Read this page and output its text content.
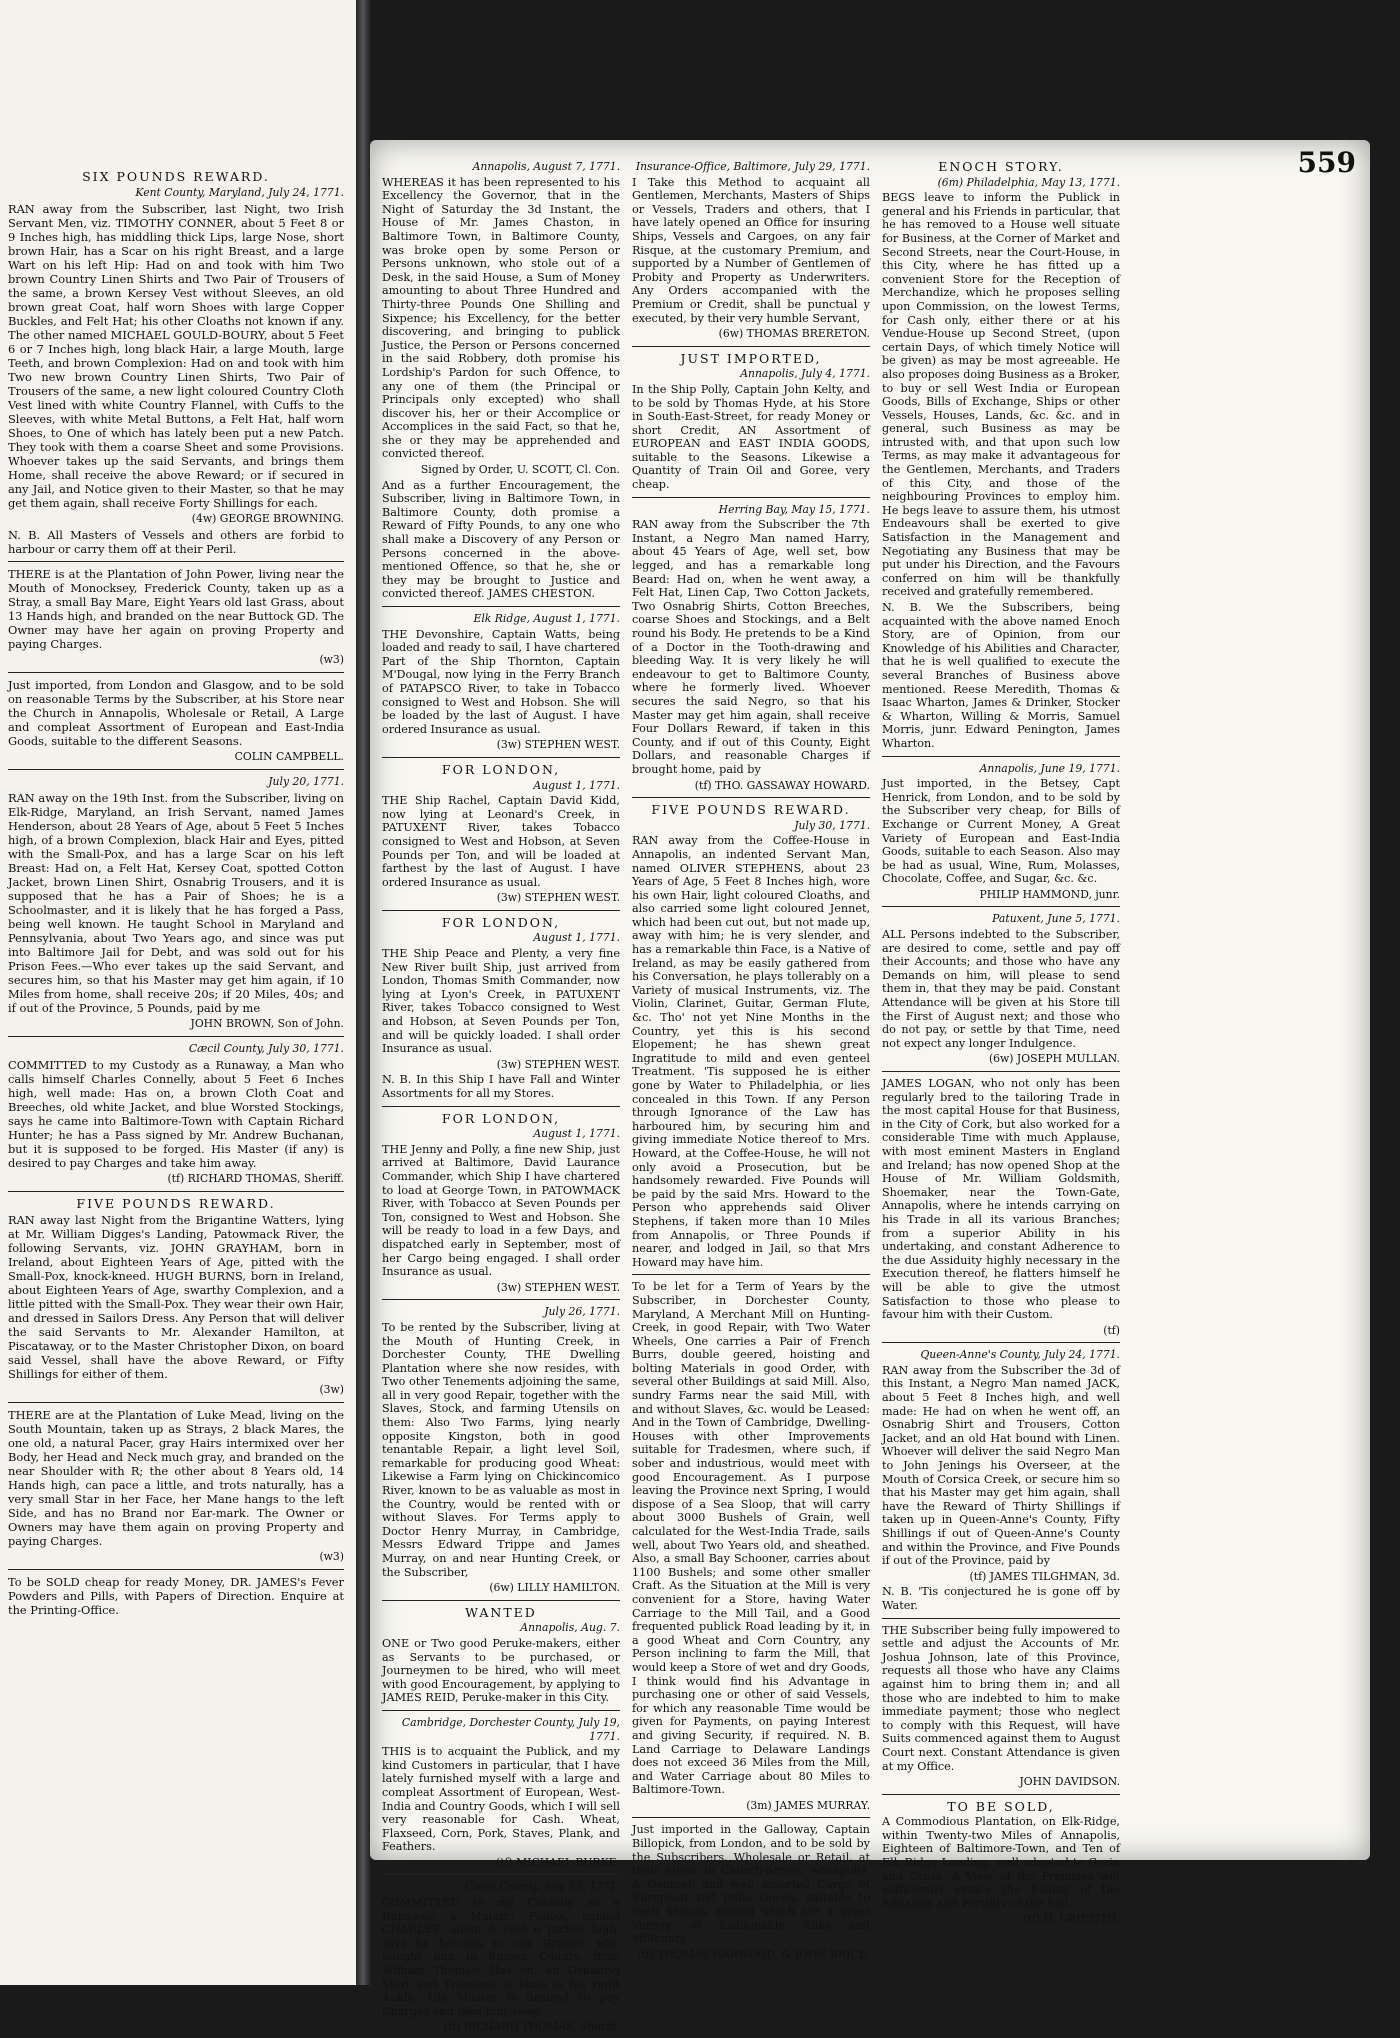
SIX POUNDS REWARD.

Kent County, Maryland, July 24, 1771.

RAN away from the Subscriber, last Night, two Irish Servant Men, viz. TIMOTHY CONNER, about 5 Feet 8 or 9 Inches high, has middling thick Lips, large Nose, short brown Hair, has a Scar on his right Breast, and a large Wart on his left Hip: Had on and took with him Two brown Country Linen Shirts and Two Pair of Trousers of the same, a brown Kersey Vest without Sleeves, an old brown great Coat, half worn Shoes with large Copper Buckles, and Felt Hat; his other Cloaths not known if any. The other named MICHAEL GOULD-BOURY, about 5 Feet 6 or 7 Inches high, long black Hair, a large Mouth, large Teeth, and brown Complexion: Had on and took with him Two new brown Country Linen Shirts, Two Pair of Trousers of the same, a new light coloured Country Cloth Vest lined with white Country Flannel, with Cuffs to the Sleeves, with white Metal Buttons, a Felt Hat, half worn Shoes, to One of which has lately been put a new Patch. They took with them a coarse Sheet and some Provisions. Whoever takes up the said Servants, and brings them Home, shall receive the above Reward; or if secured in any Jail, and Notice given to their Master, so that he may get them again, shall receive Forty Shillings for each.

(4w) GEORGE BROWNING.

N. B. All Masters of Vessels and others are forbid to harbour or carry them off at their Peril.

THERE is at the Plantation of John Power, living near the Mouth of Monocksey, Frederick County, taken up as a Stray, a small Bay Mare, Eight Years old last Grass, about 13 Hands high, and branded on the near Buttock GD. The Owner may have her again on proving Property and paying Charges.

(w3)

Just imported, from London and Glasgow, and to be sold on reasonable Terms by the Subscriber, at his Store near the Church in Annapolis, Wholesale or Retail, A Large and compleat Assortment of European and East-India Goods, suitable to the different Seasons.

COLIN CAMPBELL.

July 20, 1771.

RAN away on the 19th Inst. from the Subscriber, living on Elk-Ridge, Maryland, an Irish Servant, named James Henderson, about 28 Years of Age, about 5 Feet 5 Inches high, of a brown Complexion, black Hair and Eyes, pitted with the Small-Pox, and has a large Scar on his left Breast: Had on, a Felt Hat, Kersey Coat, spotted Cotton Jacket, brown Linen Shirt, Osnabrig Trousers, and it is supposed that he has a Pair of Shoes; he is a Schoolmaster, and it is likely that he has forged a Pass, being well known. He taught School in Maryland and Pennsylvania, about Two Years ago, and since was put into Baltimore Jail for Debt, and was sold out for his Prison Fees.—Who ever takes up the said Servant, and secures him, so that his Master may get him again, if 10 Miles from home, shall receive 20s; if 20 Miles, 40s; and if out of the Province, 5 Pounds, paid by me

JOHN BROWN, Son of John.

Cæcil County, July 30, 1771.

COMMITTED to my Custody as a Runaway, a Man who calls himself Charles Connelly, about 5 Feet 6 Inches high, well made: Has on, a brown Cloth Coat and Breeches, old white Jacket, and blue Worsted Stockings, says he came into Baltimore-Town with Captain Richard Hunter; he has a Pass signed by Mr. Andrew Buchanan, but it is supposed to be forged. His Master (if any) is desired to pay Charges and take him away.

(tf) RICHARD THOMAS, Sheriff.

FIVE POUNDS REWARD.

RAN away last Night from the Brigantine Watters, lying at Mr. William Digges's Landing, Patowmack River, the following Servants, viz. JOHN GRAYHAM, born in Ireland, about Eighteen Years of Age, pitted with the Small-Pox, knock-kneed. HUGH BURNS, born in Ireland, about Eighteen Years of Age, swarthy Complexion, and a little pitted with the Small-Pox. They wear their own Hair, and dressed in Sailors Dress. Any Person that will deliver the said Servants to Mr. Alexander Hamilton, at Piscataway, or to the Master Christopher Dixon, on board said Vessel, shall have the above Reward, or Fifty Shillings for either of them.

(3w)

THERE are at the Plantation of Luke Mead, living on the South Mountain, taken up as Strays, 2 black Mares, the one old, a natural Pacer, gray Hairs intermixed over her Body, her Head and Neck much gray, and branded on the near Shoulder with R; the other about 8 Years old, 14 Hands high, can pace a little, and trots naturally, has a very small Star in her Face, her Mane hangs to the left Side, and has no Brand nor Ear-mark. The Owner or Owners may have them again on proving Property and paying Charges.

(w3)

To be SOLD cheap for ready Money, DR. JAMES's Fever Powders and Pills, with Papers of Direction. Enquire at the Printing-Office.

559

Annapolis, August 7, 1771.

WHEREAS it has been represented to his Excellency the Governor, that in the Night of Saturday the 3d Instant, the House of Mr. James Chaston, in Baltimore Town, in Baltimore County, was broke open by some Person or Persons unknown, who stole out of a Desk, in the said House, a Sum of Money amounting to about Three Hundred and Thirty-three Pounds One Shilling and Sixpence; his Excellency, for the better discovering, and bringing to publick Justice, the Person or Persons concerned in the said Robbery, doth promise his Lordship's Pardon for such Offence, to any one of them (the Principal or Principals only excepted) who shall discover his, her or their Accomplice or Accomplices in the said Fact, so that he, she or they may be apprehended and convicted thereof.

Signed by Order, U. SCOTT, Cl. Con.

And as a further Encouragement, the Subscriber, living in Baltimore Town, in Baltimore County, doth promise a Reward of Fifty Pounds, to any one who shall make a Discovery of any Person or Persons concerned in the above-mentioned Offence, so that he, she or they may be brought to Justice and convicted thereof. JAMES CHESTON.

Elk Ridge, August 1, 1771.

THE Devonshire, Captain Watts, being loaded and ready to sail, I have chartered Part of the Ship Thornton, Captain M'Dougal, now lying in the Ferry Branch of PATAPSCO River, to take in Tobacco consigned to West and Hobson. She will be loaded by the last of August. I have ordered Insurance as usual.

(3w) STEPHEN WEST.

FOR LONDON,

August 1, 1771.

THE Ship Rachel, Captain David Kidd, now lying at Leonard's Creek, in PATUXENT River, takes Tobacco consigned to West and Hobson, at Seven Pounds per Ton, and will be loaded at farthest by the last of August. I have ordered Insurance as usual.

(3w) STEPHEN WEST.

FOR LONDON,

August 1, 1771.

THE Ship Peace and Plenty, a very fine New River built Ship, just arrived from London, Thomas Smith Commander, now lying at Lyon's Creek, in PATUXENT River, takes Tobacco consigned to West and Hobson, at Seven Pounds per Ton, and will be quickly loaded. I shall order Insurance as usual.

(3w) STEPHEN WEST.

N. B. In this Ship I have Fall and Winter Assortments for all my Stores.

FOR LONDON,

August 1, 1771.

THE Jenny and Polly, a fine new Ship, just arrived at Baltimore, David Laurance Commander, which Ship I have chartered to load at George Town, in PATOWMACK River, with Tobacco at Seven Pounds per Ton, consigned to West and Hobson. She will be ready to load in a few Days, and dispatched early in September, most of her Cargo being engaged. I shall order Insurance as usual.

(3w) STEPHEN WEST.

July 26, 1771.

To be rented by the Subscriber, living at the Mouth of Hunting Creek, in Dorchester County, THE Dwelling Plantation where she now resides, with Two other Tenements adjoining the same, all in very good Repair, together with the Slaves, Stock, and farming Utensils on them: Also Two Farms, lying nearly opposite Kingston, both in good tenantable Repair, a light level Soil, remarkable for producing good Wheat: Likewise a Farm lying on Chickincomico River, known to be as valuable as most in the Country, would be rented with or without Slaves. For Terms apply to Doctor Henry Murray, in Cambridge, Messrs Edward Trippe and James Murray, on and near Hunting Creek, or the Subscriber,

(6w) LILLY HAMILTON.

WANTED

Annapolis, Aug. 7.

ONE or Two good Peruke-makers, either as Servants to be purchased, or Journeymen to be hired, who will meet with good Encouragement, by applying to JAMES REID, Peruke-maker in this City.

Cambridge, Dorchester County, July 19, 1771.

THIS is to acquaint the Publick, and my kind Customers in particular, that I have lately furnished myself with a large and compleat Assortment of European, West-India and Country Goods, which I will sell very reasonable for Cash. Wheat, Flaxseed, Corn, Pork, Staves, Plank, and Feathers.

(tf) MICHAEL BURKE.

Cæcil County, July 25, 1771.

COMMITTED to my Custody as a Runaway, a Mulatto Fellow, named CHARLES, about 5 Feet 6 Inches high, says he belongs to one Grimes, who bought him in Sussex County, from William Thomas: Has on, an Osnabrig Shirt and Trousers, is lame in his right Ankle. His Master is desired to pay Charges and take him away.

(tf) RICHARD THOMAS, Sheriff.

Insurance-Office, Baltimore, July 29, 1771.

I Take this Method to acquaint all Gentlemen, Merchants, Masters of Ships or Vessels, Traders and others, that I have lately opened an Office for insuring Ships, Vessels and Cargoes, on any fair Risque, at the customary Premium, and supported by a Number of Gentlemen of Probity and Property as Underwriters. Any Orders accompanied with the Premium or Credit, shall be punctual y executed, by their very humble Servant,

(6w) THOMAS BRERETON.

JUST IMPORTED,

Annapolis, July 4, 1771.

In the Ship Polly, Captain John Kelty, and to be sold by Thomas Hyde, at his Store in South-East-Street, for ready Money or short Credit, AN Assortment of EUROPEAN and EAST INDIA GOODS, suitable to the Seasons. Likewise a Quantity of Train Oil and Goree, very cheap.

Herring Bay, May 15, 1771.

RAN away from the Subscriber the 7th Instant, a Negro Man named Harry, about 45 Years of Age, well set, bow legged, and has a remarkable long Beard: Had on, when he went away, a Felt Hat, Linen Cap, Two Cotton Jackets, Two Osnabrig Shirts, Cotton Breeches, coarse Shoes and Stockings, and a Belt round his Body. He pretends to be a Kind of a Doctor in the Tooth-drawing and bleeding Way. It is very likely he will endeavour to get to Baltimore County, where he formerly lived. Whoever secures the said Negro, so that his Master may get him again, shall receive Four Dollars Reward, if taken in this County, and if out of this County, Eight Dollars, and reasonable Charges if brought home, paid by

(tf) THO. GASSAWAY HOWARD.

FIVE POUNDS REWARD.

July 30, 1771.

RAN away from the Coffee-House in Annapolis, an indented Servant Man, named OLIVER STEPHENS, about 23 Years of Age, 5 Feet 8 Inches high, wore his own Hair, light coloured Cloaths, and also carried some light coloured Jennet, which had been cut out, but not made up, away with him; he is very slender, and has a remarkable thin Face, is a Native of Ireland, as may be easily gathered from his Conversation, he plays tollerably on a Variety of musical Instruments, viz. The Violin, Clarinet, Guitar, German Flute, &c. Tho' not yet Nine Months in the Country, yet this is his second Elopement; he has shewn great Ingratitude to mild and even genteel Treatment. 'Tis supposed he is either gone by Water to Philadelphia, or lies concealed in this Town. If any Person through Ignorance of the Law has harboured him, by securing him and giving immediate Notice thereof to Mrs. Howard, at the Coffee-House, he will not only avoid a Prosecution, but be handsomely rewarded. Five Pounds will be paid by the said Mrs. Howard to the Person who apprehends said Oliver Stephens, if taken more than 10 Miles from Annapolis, or Three Pounds if nearer, and lodged in Jail, so that Mrs Howard may have him.

To be let for a Term of Years by the Subscriber, in Dorchester County, Maryland, A Merchant Mill on Hunting-Creek, in good Repair, with Two Water Wheels, One carries a Pair of French Burrs, double geered, hoisting and bolting Materials in good Order, with several other Buildings at said Mill. Also, sundry Farms near the said Mill, with and without Slaves, &c. would be Leased: And in the Town of Cambridge, Dwelling-Houses with other Improvements suitable for Tradesmen, where such, if sober and industrious, would meet with good Encouragement. As I purpose leaving the Province next Spring, I would dispose of a Sea Sloop, that will carry about 3000 Bushels of Grain, well calculated for the West-India Trade, sails well, about Two Years old, and sheathed. Also, a small Bay Schooner, carries about 1100 Bushels; and some other smaller Craft. As the Situation at the Mill is very convenient for a Store, having Water Carriage to the Mill Tail, and a Good frequented publick Road leading by it, in a good Wheat and Corn Country, any Person inclining to farm the Mill, that would keep a Store of wet and dry Goods, I think would find his Advantage in purchasing one or other of said Vessels, for which any reasonable Time would be given for Payments, on paying Interest and giving Security, if required. N. B. Land Carriage to Delaware Landings does not exceed 36 Miles from the Mill, and Water Carriage about 80 Miles to Baltimore-Town.

(3m) JAMES MURRAY.

Just imported in the Galloway, Captain Billopick, from London, and to be sold by the Subscribers, Wholesale or Retail, at their Store, in Church-Street, Annapolis, A Genteel, and well assorted Cargo of European and India Goods, suitable to each Season, among which are a great Variety of fashionable Silks and Millenary.

(tf) THOMAS HARWOOD, & JOHN BRICE.

ENOCH STORY.

(6m) Philadelphia, May 13, 1771.

BEGS leave to inform the Publick in general and his Friends in particular, that he has removed to a House well situate for Business, at the Corner of Market and Second Streets, near the Court-House, in this City, where he has fitted up a convenient Store for the Reception of Merchandize, which he proposes selling upon Commission, on the lowest Terms, for Cash only, either there or at his Vendue-House up Second Street, (upon certain Days, of which timely Notice will be given) as may be most agreeable. He also proposes doing Business as a Broker, to buy or sell West India or European Goods, Bills of Exchange, Ships or other Vessels, Houses, Lands, &c. &c. and in general, such Business as may be intrusted with, and that upon such low Terms, as may make it advantageous for the Gentlemen, Merchants, and Traders of this City, and those of the neighbouring Provinces to employ him. He begs leave to assure them, his utmost Endeavours shall be exerted to give Satisfaction in the Management and Negotiating any Business that may be put under his Direction, and the Favours conferred on him will be thankfully received and gratefully remembered.

N. B. We the Subscribers, being acquainted with the above named Enoch Story, are of Opinion, from our Knowledge of his Abilities and Character, that he is well qualified to execute the several Branches of Business above mentioned. Reese Meredith, Thomas & Isaac Wharton, James & Drinker, Stocker & Wharton, Willing & Morris, Samuel Morris, junr. Edward Penington, James Wharton.

Annapolis, June 19, 1771.

Just imported, in the Betsey, Capt Henrick, from London, and to be sold by the Subscriber very cheap, for Bills of Exchange or Current Money, A Great Variety of European and East-India Goods, suitable to each Season. Also may be had as usual, Wine, Rum, Molasses, Chocolate, Coffee, and Sugar, &c. &c.

PHILIP HAMMOND, junr.

Patuxent, June 5, 1771.

ALL Persons indebted to the Subscriber, are desired to come, settle and pay off their Accounts; and those who have any Demands on him, will please to send them in, that they may be paid. Constant Attendance will be given at his Store till the First of August next; and those who do not pay, or settle by that Time, need not expect any longer Indulgence.

(6w) JOSEPH MULLAN.

JAMES LOGAN, who not only has been regularly bred to the tailoring Trade in the most capital House for that Business, in the City of Cork, but also worked for a considerable Time with much Applause, with most eminent Masters in England and Ireland; has now opened Shop at the House of Mr. William Goldsmith, Shoemaker, near the Town-Gate, Annapolis, where he intends carrying on his Trade in all its various Branches; from a superior Ability in his undertaking, and constant Adherence to the due Assiduity highly necessary in the Execution thereof, he flatters himself he will be able to give the utmost Satisfaction to those who please to favour him with their Custom.

(tf)

Queen-Anne's County, July 24, 1771.

RAN away from the Subscriber the 3d of this Instant, a Negro Man named JACK, about 5 Feet 8 Inches high, and well made: He had on when he went off, an Osnabrig Shirt and Trousers, Cotton Jacket, and an old Hat bound with Linen. Whoever will deliver the said Negro Man to John Jenings his Overseer, at the Mouth of Corsica Creek, or secure him so that his Master may get him again, shall have the Reward of Thirty Shillings if taken up in Queen-Anne's County, Fifty Shillings if out of Queen-Anne's County and within the Province, and Five Pounds if out of the Province, paid by

(tf) JAMES TILGHMAN, 3d.

N. B. 'Tis conjectured he is gone off by Water.

THE Subscriber being fully impowered to settle and adjust the Accounts of Mr. Joshua Johnson, late of this Province, requests all those who have any Claims against him to bring them in; and all those who are indebted to him to make immediate payment; those who neglect to comply with this Request, will have Suits commenced against them to August Court next. Constant Attendance is given at my Office.

JOHN DAVIDSON.

TO BE SOLD,

A Commodious Plantation, on Elk-Ridge, within Twenty-two Miles of Annapolis, Eighteen of Baltimore-Town, and Ten of Elk Ridge Landing, well adapted to Grain and Grass. A View of the Premises will sufficiently evince the Beauty of the Situation and Fertility of the Soil.

(tf) H. GRIFFITH.
